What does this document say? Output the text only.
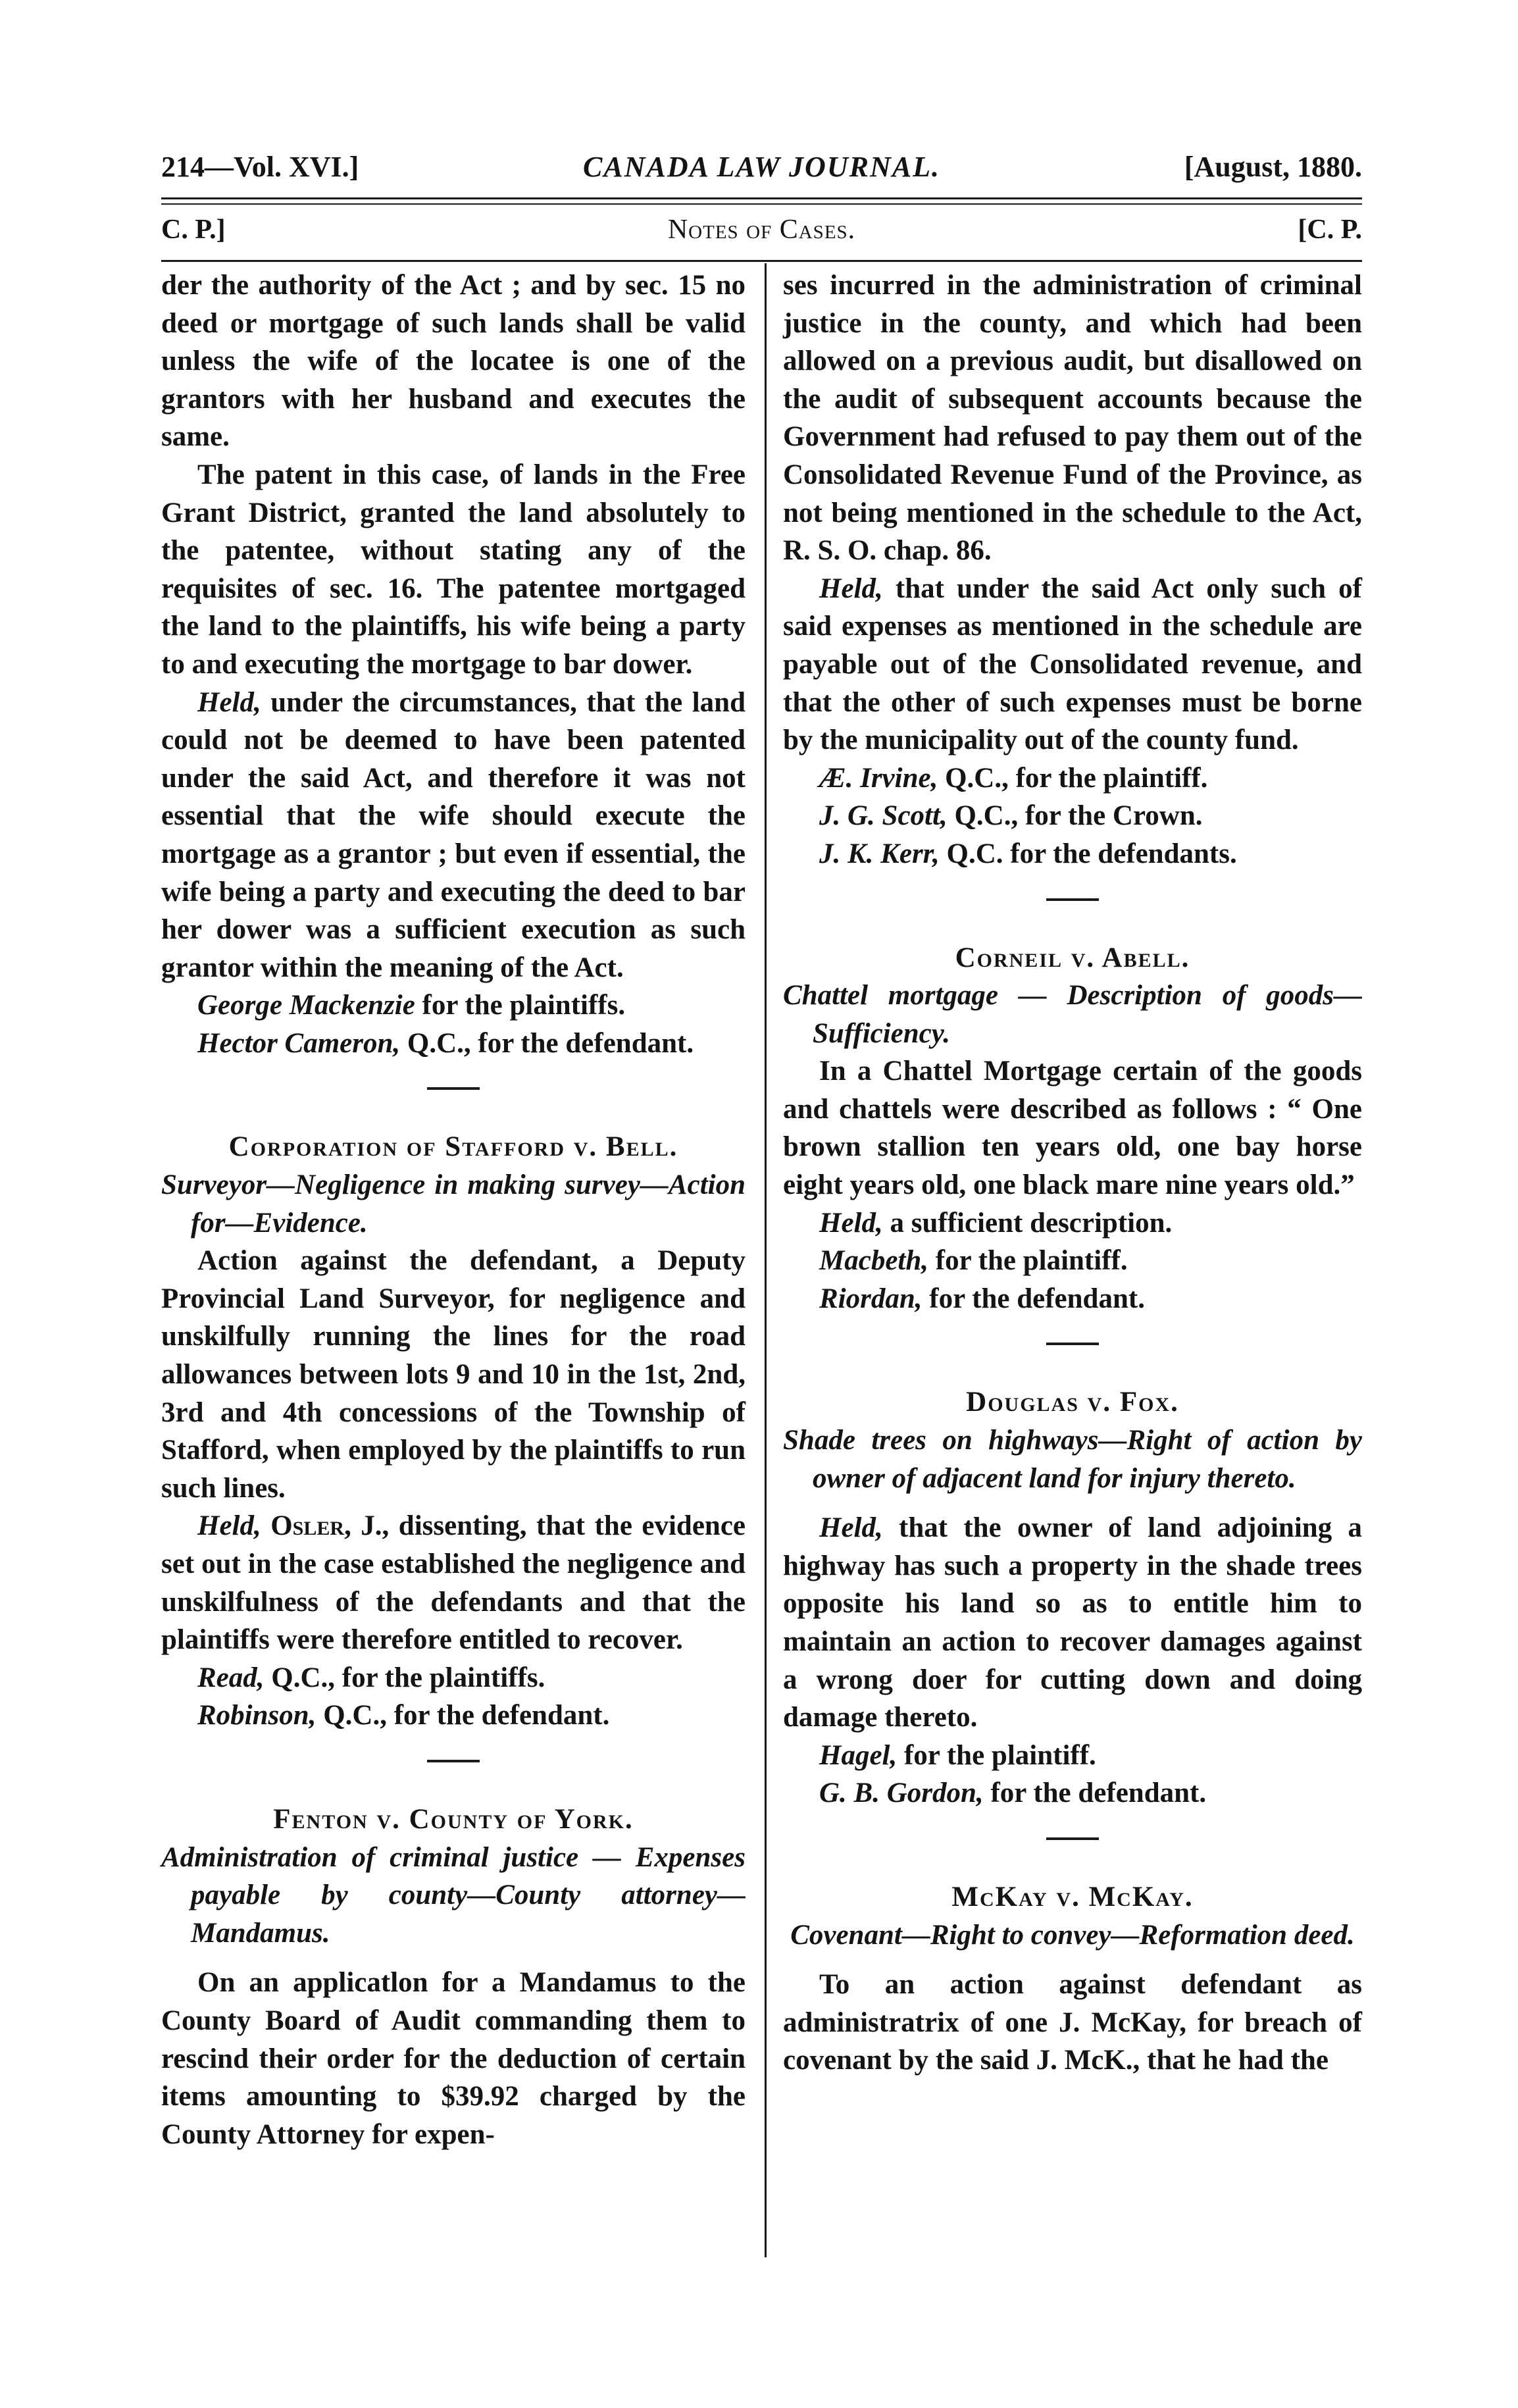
214—Vol. XVI.]	CANADA LAW JOURNAL.	[August, 1880.
C. P.]	Notes of Cases.	[C. P.

der the authority of the Act ; and by sec. 15 no deed or mortgage of such lands shall be valid unless the wife of the locatee is one of the grantors with her husband and executes the same.

The patent in this case, of lands in the Free Grant District, granted the land absolutely to the patentee, without stating any of the requisites of sec. 16. The patentee mortgaged the land to the plaintiffs, his wife being a party to and executing the mortgage to bar dower.

Held, under the circumstances, that the land could not be deemed to have been patented under the said Act, and therefore it was not essential that the wife should execute the mortgage as a grantor ; but even if essential, the wife being a party and executing the deed to bar her dower was a sufficient execution as such grantor within the meaning of the Act.

George Mackenzie for the plaintiffs.

Hector Cameron, Q.C., for the defendant.

Corporation of Stafford v. Bell.

Surveyor—Negligence in making survey—Action for—Evidence.

Action against the defendant, a Deputy Provincial Land Surveyor, for negligence and unskilfully running the lines for the road allowances between lots 9 and 10 in the 1st, 2nd, 3rd and 4th concessions of the Township of Stafford, when employed by the plaintiffs to run such lines.

Held, Osler, J., dissenting, that the evidence set out in the case established the negligence and unskilfulness of the defendants and that the plaintiffs were therefore entitled to recover.

Read, Q.C., for the plaintiffs.

Robinson, Q.C., for the defendant.

Fenton v. County of York.

Administration of criminal justice — Expenses payable by county—County attorney—Mandamus.

On an applicatlon for a Mandamus to the County Board of Audit commanding them to rescind their order for the deduction of certain items amounting to $39.92 charged by the County Attorney for expen-

ses incurred in the administration of criminal justice in the county, and which had been allowed on a previous audit, but disallowed on the audit of subsequent accounts because the Government had refused to pay them out of the Consolidated Revenue Fund of the Province, as not being mentioned in the schedule to the Act, R. S. O. chap. 86.

Held, that under the said Act only such of said expenses as mentioned in the schedule are payable out of the Consolidated revenue, and that the other of such expenses must be borne by the municipality out of the county fund.

Æ. Irvine, Q.C., for the plaintiff.

J. G. Scott, Q.C., for the Crown.

J. K. Kerr, Q.C. for the defendants.

Corneil v. Abell.

Chattel mortgage — Description of goods—Sufficiency.

In a Chattel Mortgage certain of the goods and chattels were described as follows : “ One brown stallion ten years old, one bay horse eight years old, one black mare nine years old.”

Held, a sufficient description.

Macbeth, for the plaintiff.

Riordan, for the defendant.

Douglas v. Fox.

Shade trees on highways—Right of action by owner of adjacent land for injury thereto.

Held, that the owner of land adjoining a highway has such a property in the shade trees opposite his land so as to entitle him to maintain an action to recover damages against a wrong doer for cutting down and doing damage thereto.

Hagel, for the plaintiff.

G. B. Gordon, for the defendant.

McKay v. McKay.

Covenant—Right to convey—Reformation deed.

To an action against defendant as administratrix of one J. McKay, for breach of covenant by the said J. McK., that he had the
